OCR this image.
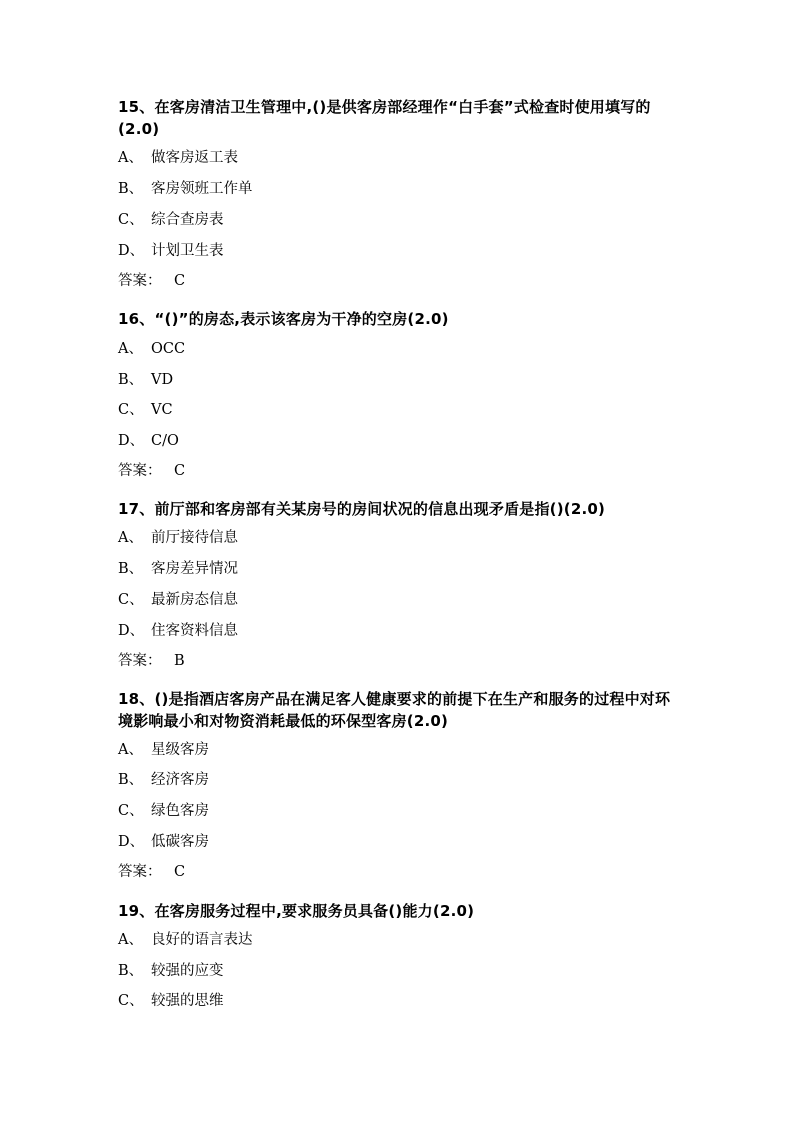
15、在客房清洁卫生管理中,()是供客房部经理作“白手套”式检查时使用填写的(2.0)

A、 做客房返工表

B、 客房领班工作单

C、 综合查房表

D、 计划卫生表

答案： C

16、“()”的房态,表示该客房为干净的空房(2.0)

A、 OCC

B、 VD

C、 VC

D、 C/O

答案： C

17、前厅部和客房部有关某房号的房间状况的信息出现矛盾是指()(2.0)

A、 前厅接待信息

B、 客房差异情况

C、 最新房态信息

D、 住客资料信息

答案： B

18、()是指酒店客房产品在满足客人健康要求的前提下在生产和服务的过程中对环境影响最小和对物资消耗最低的环保型客房(2.0)

A、 星级客房

B、 经济客房

C、 绿色客房

D、 低碳客房

答案： C

19、在客房服务过程中,要求服务员具备()能力(2.0)

A、 良好的语言表达

B、 较强的应变

C、 较强的思维
